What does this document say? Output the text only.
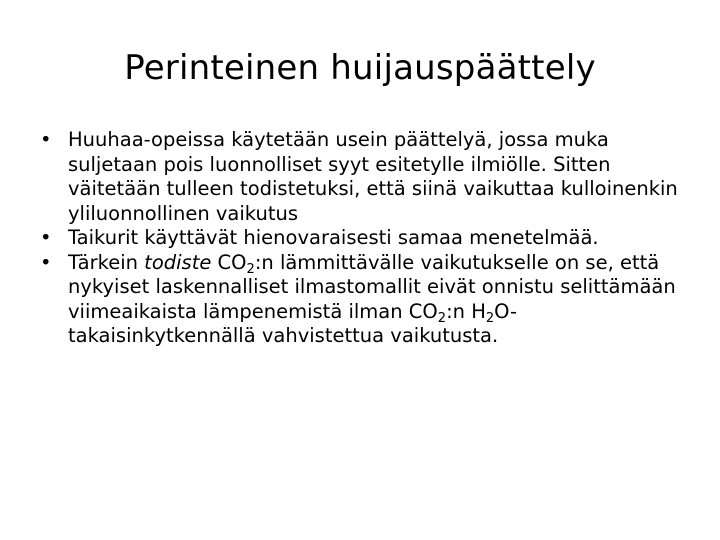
Perinteinen huijauspäättely
• Huuhaa-opeissa käytetään usein päättelyä, jossa muka suljetaan pois luonnolliset syyt esitetylle ilmiölle. Sitten väitetään tulleen todistetuksi, että siinä vaikuttaa kulloinenkin yliluonnollinen vaikutus
• Taikurit käyttävät hienovaraisesti samaa menetelmää.
• Tärkein todiste $CO_2:n$ lämmittävälle vaikutukselle on se, että nykyiset laskennalliset ilmastomallit eivät onnistu selittämään viimeaikaista lämpenemistä ilman $CO_2:n$ $H_2O$-takaisinkytkennällä vahvistettua vaikutusta.
